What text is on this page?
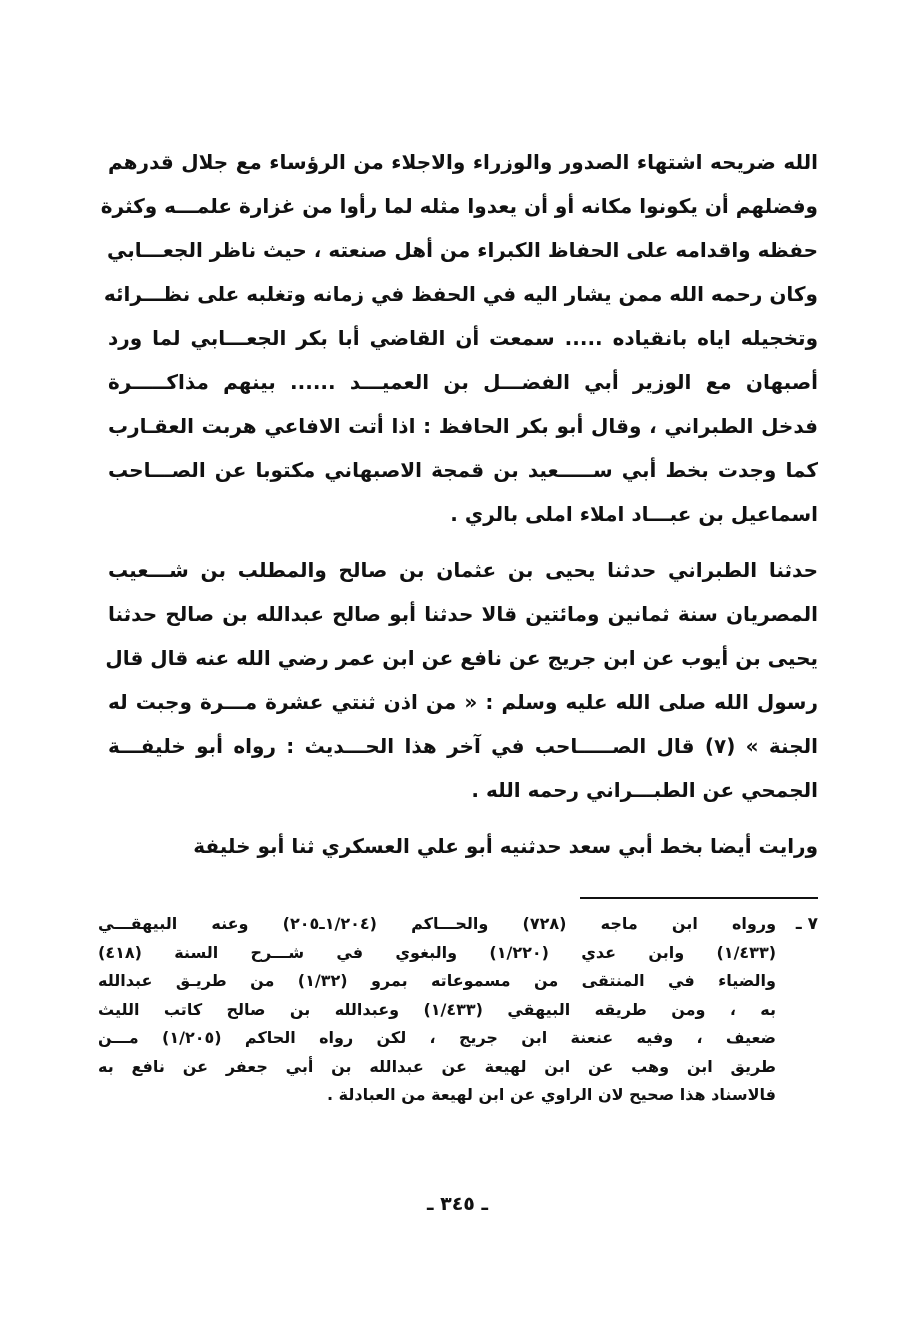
الله ضريحه اشتهاء الصدور والوزراء والاجلاء من الرؤساء مع جلال قدرهم
وفضلهم أن يكونوا مكانه أو أن يعدوا مثله لما رأوا من غزارة علمـــه وكثرة
حفظه واقدامه على الحفاظ الكبراء من أهل صنعته ، حيث ناظر الجعـــابي
وكان رحمه الله ممن يشار اليه في الحفظ في زمانه وتغلبه على نظـــرائه
وتخجيله اياه بانقياده ..... سمعت أن القاضي أبا بكر الجعـــابي لما ورد
أصبهان مع الوزير أبي الفضـــل بن العميـــد ...... بينهم مذاكـــــرة
فدخل الطبراني ، وقال أبو بكر الحافظ : اذا أتت الافاعي هربت العقـارب
كما وجدت بخط أبي ســـــعيد بن قمجة الاصبهاني مكتوبا عن الصـــاحب
اسماعيل بن عبـــاد املاء املى بالري .
حدثنا الطبراني حدثنا يحيى بن عثمان بن صالح والمطلب بن شـــعيب
المصريان سنة ثمانين ومائتين قالا حدثنا أبو صالح عبدالله بن صالح حدثنا
يحيى بن أيوب عن ابن جريج عن نافع عن ابن عمر رضي الله عنه قال قال
رسول الله صلى الله عليه وسلم : « من اذن ثنتي عشرة مـــرة وجبت له
الجنة » (٧) قال الصـــــاحب في آخر هذا الحـــديث : رواه أبو خليفـــة
الجمحي عن الطبـــراني رحمه الله .
ورايت أيضا بخط أبي سعد حدثنيه أبو علي العسكري ثنا أبو خليفة
٧ ـ
ورواه ابن ماجه (٧٢٨) والحـــاكم (١/٢٠٤ـ٢٠٥) وعنه البيهقـــي
(١/٤٣٣) وابن عدي (١/٢٢٠) والبغوي في شـــرح السنة (٤١٨)
والضياء في المنتقى من مسموعاته بمرو (١/٣٢) من طريـق عبدالله
به ، ومن طريقه البيهقي (١/٤٣٣) وعبدالله بن صالح كاتب الليث
ضعيف ، وفيه عنعنة ابن جريج ، لكن رواه الحاكم (١/٢٠٥) مـــن
طريق ابن وهب عن ابن لهيعة عن عبدالله بن أبي جعفر عن نافع به
فالاسناد هذا صحيح لان الراوي عن ابن لهيعة من العبادلة .
ـ ٣٤٥ ـ
